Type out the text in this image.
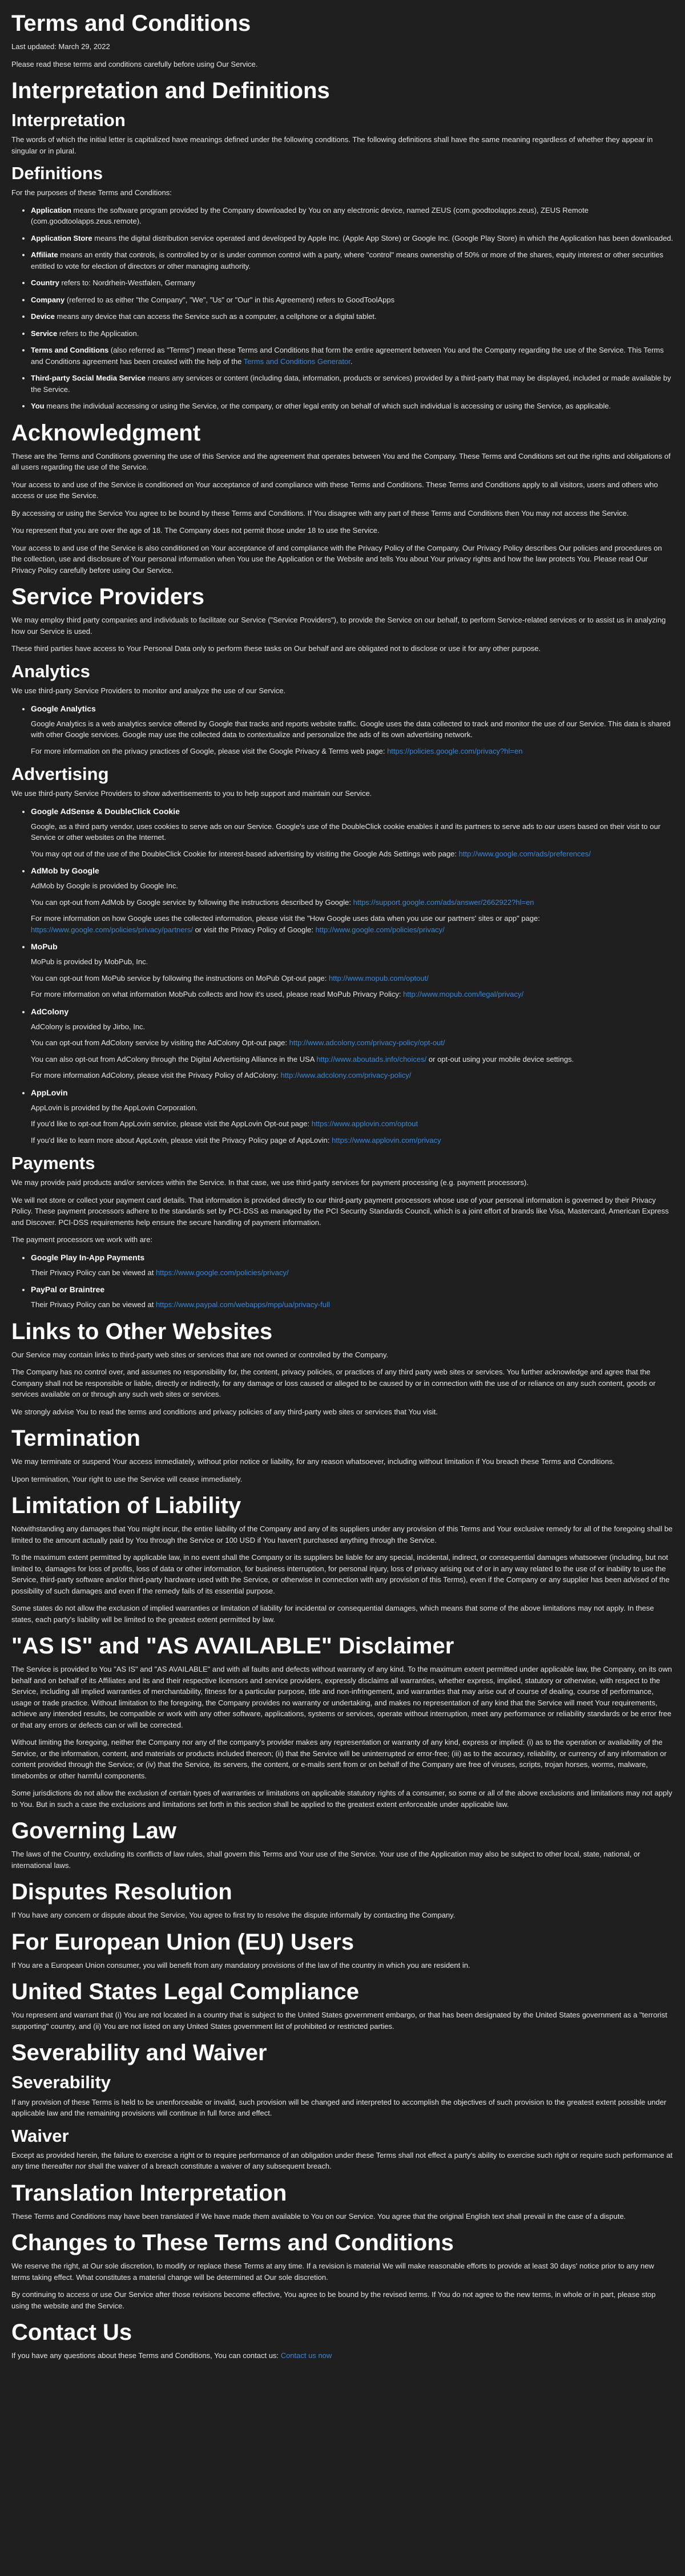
Terms and Conditions

Last updated: March 29, 2022

Please read these terms and conditions carefully before using Our Service.

Interpretation and Definitions
Interpretation

The words of which the initial letter is capitalized have meanings defined under the following conditions. The following definitions shall have the same meaning regardless of whether they appear in singular or in plural.

Definitions

For the purposes of these Terms and Conditions:

• Application means the software program provided by the Company downloaded by You on any electronic device, named ZEUS (com.goodtoolapps.zeus), ZEUS Remote (com.goodtoolapps.zeus.remote).

• Application Store means the digital distribution service operated and developed by Apple Inc. (Apple App Store) or Google Inc. (Google Play Store) in which the Application has been downloaded.

• Affiliate means an entity that controls, is controlled by or is under common control with a party, where "control" means ownership of 50% or more of the shares, equity interest or other securities entitled to vote for election of directors or other managing authority.

• Country refers to: Nordrhein-Westfalen, Germany

• Company (referred to as either "the Company", "We", "Us" or "Our" in this Agreement) refers to GoodToolApps

• Device means any device that can access the Service such as a computer, a cellphone or a digital tablet.

• Service refers to the Application.

• Terms and Conditions (also referred as "Terms") mean these Terms and Conditions that form the entire agreement between You and the Company regarding the use of the Service. This Terms and Conditions agreement has been created with the help of the Terms and Conditions Generator.

• Third-party Social Media Service means any services or content (including data, information, products or services) provided by a third-party that may be displayed, included or made available by the Service.

• You means the individual accessing or using the Service, or the company, or other legal entity on behalf of which such individual is accessing or using the Service, as applicable.

Acknowledgment

These are the Terms and Conditions governing the use of this Service and the agreement that operates between You and the Company. These Terms and Conditions set out the rights and obligations of all users regarding the use of the Service.

Your access to and use of the Service is conditioned on Your acceptance of and compliance with these Terms and Conditions. These Terms and Conditions apply to all visitors, users and others who access or use the Service.

By accessing or using the Service You agree to be bound by these Terms and Conditions. If You disagree with any part of these Terms and Conditions then You may not access the Service.

You represent that you are over the age of 18. The Company does not permit those under 18 to use the Service.

Your access to and use of the Service is also conditioned on Your acceptance of and compliance with the Privacy Policy of the Company. Our Privacy Policy describes Our policies and procedures on the collection, use and disclosure of Your personal information when You use the Application or the Website and tells You about Your privacy rights and how the law protects You. Please read Our Privacy Policy carefully before using Our Service.

Service Providers

We may employ third party companies and individuals to facilitate our Service ("Service Providers"), to provide the Service on our behalf, to perform Service-related services or to assist us in analyzing how our Service is used.

These third parties have access to Your Personal Data only to perform these tasks on Our behalf and are obligated not to disclose or use it for any other purpose.

Analytics

We use third-party Service Providers to monitor and analyze the use of our Service.

• Google Analytics

Google Analytics is a web analytics service offered by Google that tracks and reports website traffic. Google uses the data collected to track and monitor the use of our Service. This data is shared with other Google services. Google may use the collected data to contextualize and personalize the ads of its own advertising network.

For more information on the privacy practices of Google, please visit the Google Privacy & Terms web page: https://policies.google.com/privacy?hl=en

Advertising

We use third-party Service Providers to show advertisements to you to help support and maintain our Service.

• Google AdSense & DoubleClick Cookie

Google, as a third party vendor, uses cookies to serve ads on our Service. Google's use of the DoubleClick cookie enables it and its partners to serve ads to our users based on their visit to our Service or other websites on the Internet.

You may opt out of the use of the DoubleClick Cookie for interest-based advertising by visiting the Google Ads Settings web page: http://www.google.com/ads/preferences/

• AdMob by Google

AdMob by Google is provided by Google Inc.

You can opt-out from AdMob by Google service by following the instructions described by Google: https://support.google.com/ads/answer/2662922?hl=en

For more information on how Google uses the collected information, please visit the "How Google uses data when you use our partners' sites or app" page: https://www.google.com/policies/privacy/partners/ or visit the Privacy Policy of Google: http://www.google.com/policies/privacy/

• MoPub

MoPub is provided by MobPub, Inc.

You can opt-out from MoPub service by following the instructions on MoPub Opt-out page: http://www.mopub.com/optout/

For more information on what information MobPub collects and how it's used, please read MoPub Privacy Policy: http://www.mopub.com/legal/privacy/

• AdColony

AdColony is provided by Jirbo, Inc.

You can opt-out from AdColony service by visiting the AdColony Opt-out page: http://www.adcolony.com/privacy-policy/opt-out/

You can also opt-out from AdColony through the Digital Advertising Alliance in the USA http://www.aboutads.info/choices/ or opt-out using your mobile device settings.

For more information AdColony, please visit the Privacy Policy of AdColony: http://www.adcolony.com/privacy-policy/

• AppLovin

AppLovin is provided by the AppLovin Corporation.

If you'd like to opt-out from AppLovin service, please visit the AppLovin Opt-out page: https://www.applovin.com/optout

If you'd like to learn more about AppLovin, please visit the Privacy Policy page of AppLovin: https://www.applovin.com/privacy

Payments

We may provide paid products and/or services within the Service. In that case, we use third-party services for payment processing (e.g. payment processors).

We will not store or collect your payment card details. That information is provided directly to our third-party payment processors whose use of your personal information is governed by their Privacy Policy. These payment processors adhere to the standards set by PCI-DSS as managed by the PCI Security Standards Council, which is a joint effort of brands like Visa, Mastercard, American Express and Discover. PCI-DSS requirements help ensure the secure handling of payment information.

The payment processors we work with are:

• Google Play In-App Payments

Their Privacy Policy can be viewed at https://www.google.com/policies/privacy/

• PayPal or Braintree

Their Privacy Policy can be viewed at https://www.paypal.com/webapps/mpp/ua/privacy-full

Links to Other Websites

Our Service may contain links to third-party web sites or services that are not owned or controlled by the Company.

The Company has no control over, and assumes no responsibility for, the content, privacy policies, or practices of any third party web sites or services. You further acknowledge and agree that the Company shall not be responsible or liable, directly or indirectly, for any damage or loss caused or alleged to be caused by or in connection with the use of or reliance on any such content, goods or services available on or through any such web sites or services.

We strongly advise You to read the terms and conditions and privacy policies of any third-party web sites or services that You visit.

Termination

We may terminate or suspend Your access immediately, without prior notice or liability, for any reason whatsoever, including without limitation if You breach these Terms and Conditions.

Upon termination, Your right to use the Service will cease immediately.

Limitation of Liability

Notwithstanding any damages that You might incur, the entire liability of the Company and any of its suppliers under any provision of this Terms and Your exclusive remedy for all of the foregoing shall be limited to the amount actually paid by You through the Service or 100 USD if You haven't purchased anything through the Service.

To the maximum extent permitted by applicable law, in no event shall the Company or its suppliers be liable for any special, incidental, indirect, or consequential damages whatsoever (including, but not limited to, damages for loss of profits, loss of data or other information, for business interruption, for personal injury, loss of privacy arising out of or in any way related to the use of or inability to use the Service, third-party software and/or third-party hardware used with the Service, or otherwise in connection with any provision of this Terms), even if the Company or any supplier has been advised of the possibility of such damages and even if the remedy fails of its essential purpose.

Some states do not allow the exclusion of implied warranties or limitation of liability for incidental or consequential damages, which means that some of the above limitations may not apply. In these states, each party's liability will be limited to the greatest extent permitted by law.

"AS IS" and "AS AVAILABLE" Disclaimer

The Service is provided to You "AS IS" and "AS AVAILABLE" and with all faults and defects without warranty of any kind. To the maximum extent permitted under applicable law, the Company, on its own behalf and on behalf of its Affiliates and its and their respective licensors and service providers, expressly disclaims all warranties, whether express, implied, statutory or otherwise, with respect to the Service, including all implied warranties of merchantability, fitness for a particular purpose, title and non-infringement, and warranties that may arise out of course of dealing, course of performance, usage or trade practice. Without limitation to the foregoing, the Company provides no warranty or undertaking, and makes no representation of any kind that the Service will meet Your requirements, achieve any intended results, be compatible or work with any other software, applications, systems or services, operate without interruption, meet any performance or reliability standards or be error free or that any errors or defects can or will be corrected.

Without limiting the foregoing, neither the Company nor any of the company's provider makes any representation or warranty of any kind, express or implied: (i) as to the operation or availability of the Service, or the information, content, and materials or products included thereon; (ii) that the Service will be uninterrupted or error-free; (iii) as to the accuracy, reliability, or currency of any information or content provided through the Service; or (iv) that the Service, its servers, the content, or e-mails sent from or on behalf of the Company are free of viruses, scripts, trojan horses, worms, malware, timebombs or other harmful components.

Some jurisdictions do not allow the exclusion of certain types of warranties or limitations on applicable statutory rights of a consumer, so some or all of the above exclusions and limitations may not apply to You. But in such a case the exclusions and limitations set forth in this section shall be applied to the greatest extent enforceable under applicable law.

Governing Law

The laws of the Country, excluding its conflicts of law rules, shall govern this Terms and Your use of the Service. Your use of the Application may also be subject to other local, state, national, or international laws.

Disputes Resolution

If You have any concern or dispute about the Service, You agree to first try to resolve the dispute informally by contacting the Company.

For European Union (EU) Users

If You are a European Union consumer, you will benefit from any mandatory provisions of the law of the country in which you are resident in.

United States Legal Compliance

You represent and warrant that (i) You are not located in a country that is subject to the United States government embargo, or that has been designated by the United States government as a "terrorist supporting" country, and (ii) You are not listed on any United States government list of prohibited or restricted parties.

Severability and Waiver
Severability

If any provision of these Terms is held to be unenforceable or invalid, such provision will be changed and interpreted to accomplish the objectives of such provision to the greatest extent possible under applicable law and the remaining provisions will continue in full force and effect.

Waiver

Except as provided herein, the failure to exercise a right or to require performance of an obligation under these Terms shall not effect a party's ability to exercise such right or require such performance at any time thereafter nor shall the waiver of a breach constitute a waiver of any subsequent breach.

Translation Interpretation

These Terms and Conditions may have been translated if We have made them available to You on our Service. You agree that the original English text shall prevail in the case of a dispute.

Changes to These Terms and Conditions

We reserve the right, at Our sole discretion, to modify or replace these Terms at any time. If a revision is material We will make reasonable efforts to provide at least 30 days' notice prior to any new terms taking effect. What constitutes a material change will be determined at Our sole discretion.

By continuing to access or use Our Service after those revisions become effective, You agree to be bound by the revised terms. If You do not agree to the new terms, in whole or in part, please stop using the website and the Service.

Contact Us

If you have any questions about these Terms and Conditions, You can contact us: Contact us now
